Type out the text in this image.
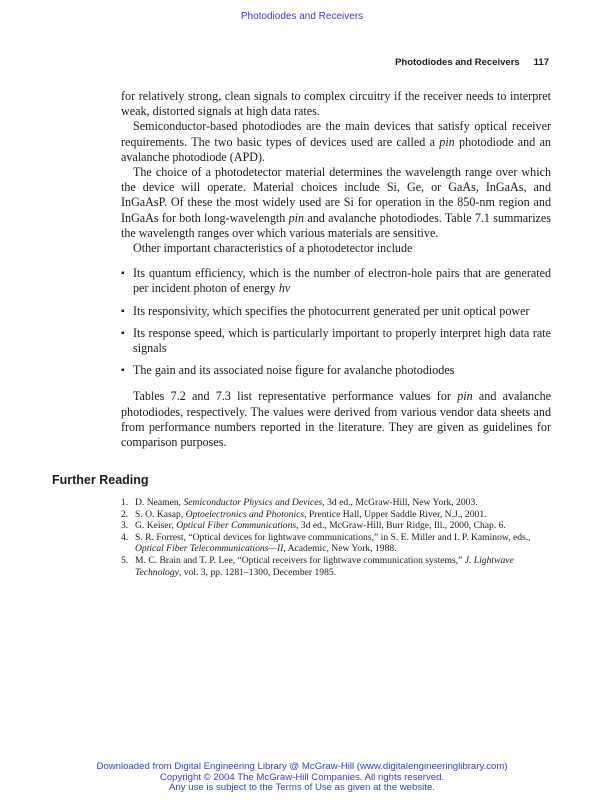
Photodiodes and Receivers
Photodiodes and Receivers 117

for relatively strong, clean signals to complex circuitry if the receiver needs to interpret weak, distorted signals at high data rates.

Semiconductor-based photodiodes are the main devices that satisfy optical receiver requirements. The two basic types of devices used are called a pin photodiode and an avalanche photodiode (APD).

The choice of a photodetector material determines the wavelength range over which the device will operate. Material choices include Si, Ge, or GaAs, InGaAs, and InGaAsP. Of these the most widely used are Si for operation in the 850-nm region and InGaAs for both long-wavelength pin and avalanche photodiodes. Table 7.1 summarizes the wavelength ranges over which various materials are sensitive.

Other important characteristics of a photodetector include

▪ Its quantum efficiency, which is the number of electron-hole pairs that are generated per incident photon of energy hν
▪ Its responsivity, which specifies the photocurrent generated per unit optical power
▪ Its response speed, which is particularly important to properly interpret high data rate signals
▪ The gain and its associated noise figure for avalanche photodiodes

Tables 7.2 and 7.3 list representative performance values for pin and avalanche photodiodes, respectively. The values were derived from various vendor data sheets and from performance numbers reported in the literature. They are given as guidelines for comparison purposes.

Further Reading
1. D. Neamen, Semiconductor Physics and Devices, 3d ed., McGraw-Hill, New York, 2003.
2. S. O. Kasap, Optoelectronics and Photonics, Prentice Hall, Upper Saddle River, N.J., 2001.
3. G. Keiser, Optical Fiber Communications, 3d ed., McGraw-Hill, Burr Ridge, Ill., 2000, Chap. 6.
4. S. R. Forrest, “Optical devices for lightwave communications,” in S. E. Miller and I. P. Kaminow, eds., Optical Fiber Telecommunications—II, Academic, New York, 1988.
5. M. C. Brain and T. P. Lee, “Optical receivers for lightwave communication systems,” J. Lightwave Technology, vol. 3, pp. 1281–1300, December 1985.
Downloaded from Digital Engineering Library @ McGraw-Hill (www.digitalengineeringlibrary.com)
Copyright © 2004 The McGraw-Hill Companies. All rights reserved.
Any use is subject to the Terms of Use as given at the website.
